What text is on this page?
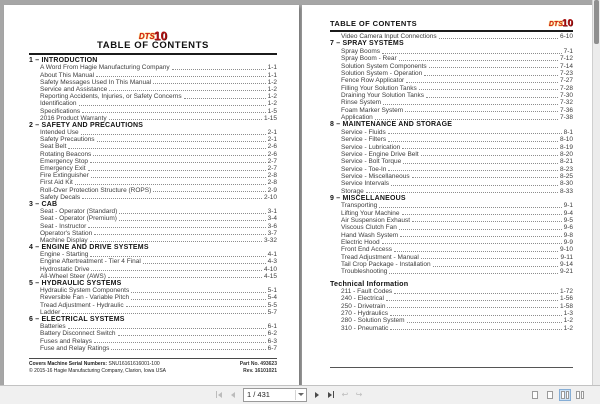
DTS 10
TABLE OF CONTENTS
1 – INTRODUCTION
A Word From Hagie Manufacturing Company	1-1
About This Manual	1-1
Safety Messages Used In This Manual	1-2
Service and Assistance	1-2
Reporting Accidents, Injuries, or Safety Concerns	1-2
Identification	1-2
Specifications	1-5
2016 Product Warranty	1-15
2 – SAFETY AND PRECAUTIONS
Intended Use	2-1
Safety Precautions	2-1
Seat Belt	2-6
Rotating Beacons	2-6
Emergency Stop	2-7
Emergency Exit	2-7
Fire Extinguisher	2-8
First Aid Kit	2-8
Roll-Over Protection Structure (ROPS)	2-9
Safety Decals	2-10
3 – CAB
Seat - Operator (Standard)	3-1
Seat - Operator (Premium)	3-4
Seat - Instructor	3-6
Operator's Station	3-7
Machine Display	3-32
4 – ENGINE AND DRIVE SYSTEMS
Engine - Starting	4-1
Engine Aftertreatment - Tier 4 Final	4-3
Hydrostatic Drive	4-10
All-Wheel Steer (AWS)	4-15
5 – HYDRAULIC SYSTEMS
Hydraulic System Components	5-1
Reversible Fan - Variable Pitch	5-4
Tread Adjustment - Hydraulic	5-5
Ladder	5-7
6 – ELECTRICAL SYSTEMS
Batteries	6-1
Battery Disconnect Switch	6-2
Fuses and Relays	6-3
Fuse and Relay Ratings	6-7
Covers Machine Serial Numbers: SNU16161616001-100
© 2015-16 Hagie Manufacturing Company, Clarion, Iowa USA
Part No. 493623
Rev. 16101021
TABLE OF CONTENTS	DTS 10
Video Camera Input Connections	6-10
7 – SPRAY SYSTEMS
Spray Booms	7-1
Spray Boom - Rear	7-12
Solution System Components	7-14
Solution System - Operation	7-23
Fence Row Applicator	7-27
Filling Your Solution Tanks	7-28
Draining Your Solution Tanks	7-30
Rinse System	7-32
Foam Marker System	7-36
Application	7-38
8 – MAINTENANCE AND STORAGE
Service - Fluids	8-1
Service - Filters	8-10
Service - Lubrication	8-19
Service - Engine Drive Belt	8-20
Service - Bolt Torque	8-21
Service - Toe-In	8-23
Service - Miscellaneous	8-25
Service Intervals	8-30
Storage	8-33
9 – MISCELLANEOUS
Transporting	9-1
Lifting Your Machine	9-4
Air Suspension Exhaust	9-5
Viscous Clutch Fan	9-6
Hand Wash System	9-8
Electric Hood	9-9
Front End Access	9-10
Tread Adjustment - Manual	9-11
Tail Crop Package - Installation	9-14
Troubleshooting	9-21
Technical Information
211 - Fault Codes	1-72
240 - Electrical	1-56
250 - Drivetrain	1-58
270 - Hydraulics	1-3
280 - Solution System	1-2
310 - Pneumatic	1-2
1 / 431	↩ ↪
